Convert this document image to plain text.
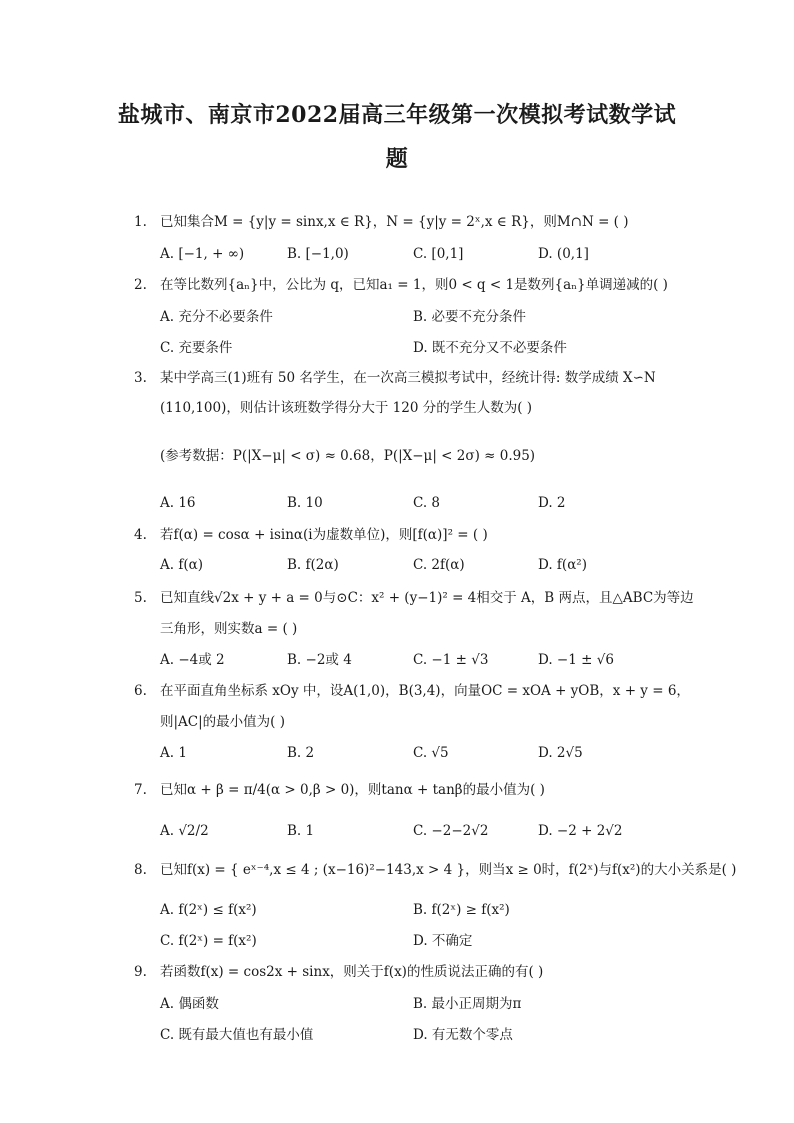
盐城市、南京市2022届高三年级第一次模拟考试数学试
题
1. 已知集合M = {y|y = sinx,x ∈ R}，N = {y|y = 2ˣ,x ∈ R}，则M∩N = ( )
A. [−1, + ∞)	B. [−1,0)	C. [0,1]	D. (0,1]
2. 在等比数列{aₙ}中，公比为 q，已知a₁ = 1，则0 < q < 1是数列{aₙ}单调递减的( )
A. 充分不必要条件	B. 必要不充分条件
C. 充要条件	D. 既不充分又不必要条件
3. 某中学高三(1)班有 50 名学生，在一次高三模拟考试中，经统计得: 数学成绩 X∽N
(110,100)，则估计该班数学得分大于 120 分的学生人数为( )
(参考数据：P(|X−μ| < σ) ≈ 0.68，P(|X−μ| < 2σ) ≈ 0.95)
A. 16	B. 10	C. 8	D. 2
4. 若f(α) = cosα + isinα(i为虚数单位)，则[f(α)]² = ( )
A. f(α)	B. f(2α)	C. 2f(α)	D. f(α²)
5. 已知直线√2x + y + a = 0与⊙C：x² + (y−1)² = 4相交于 A，B 两点，且△ABC为等边
三角形，则实数a = ( )
A. −4或 2	B. −2或 4	C. −1 ± √3	D. −1 ± √6
6. 在平面直角坐标系 xOy 中，设A(1,0)，B(3,4)，向量OC = xOA + yOB，x + y = 6，
则|AC|的最小值为( )
A. 1	B. 2	C. √5	D. 2√5
7. 已知α + β = π/4(α > 0,β > 0)，则tanα + tanβ的最小值为( )
A. √2/2	B. 1	C. −2−2√2	D. −2 + 2√2
8. 已知f(x) = { eˣ⁻⁴,x ≤ 4 ; (x−16)²−143,x > 4 }，则当x ≥ 0时，f(2ˣ)与f(x²)的大小关系是( )
A. f(2ˣ) ≤ f(x²)	B. f(2ˣ) ≥ f(x²)
C. f(2ˣ) = f(x²)	D. 不确定
9. 若函数f(x) = cos2x + sinx，则关于f(x)的性质说法正确的有( )
A. 偶函数	B. 最小正周期为π
C. 既有最大值也有最小值	D. 有无数个零点
